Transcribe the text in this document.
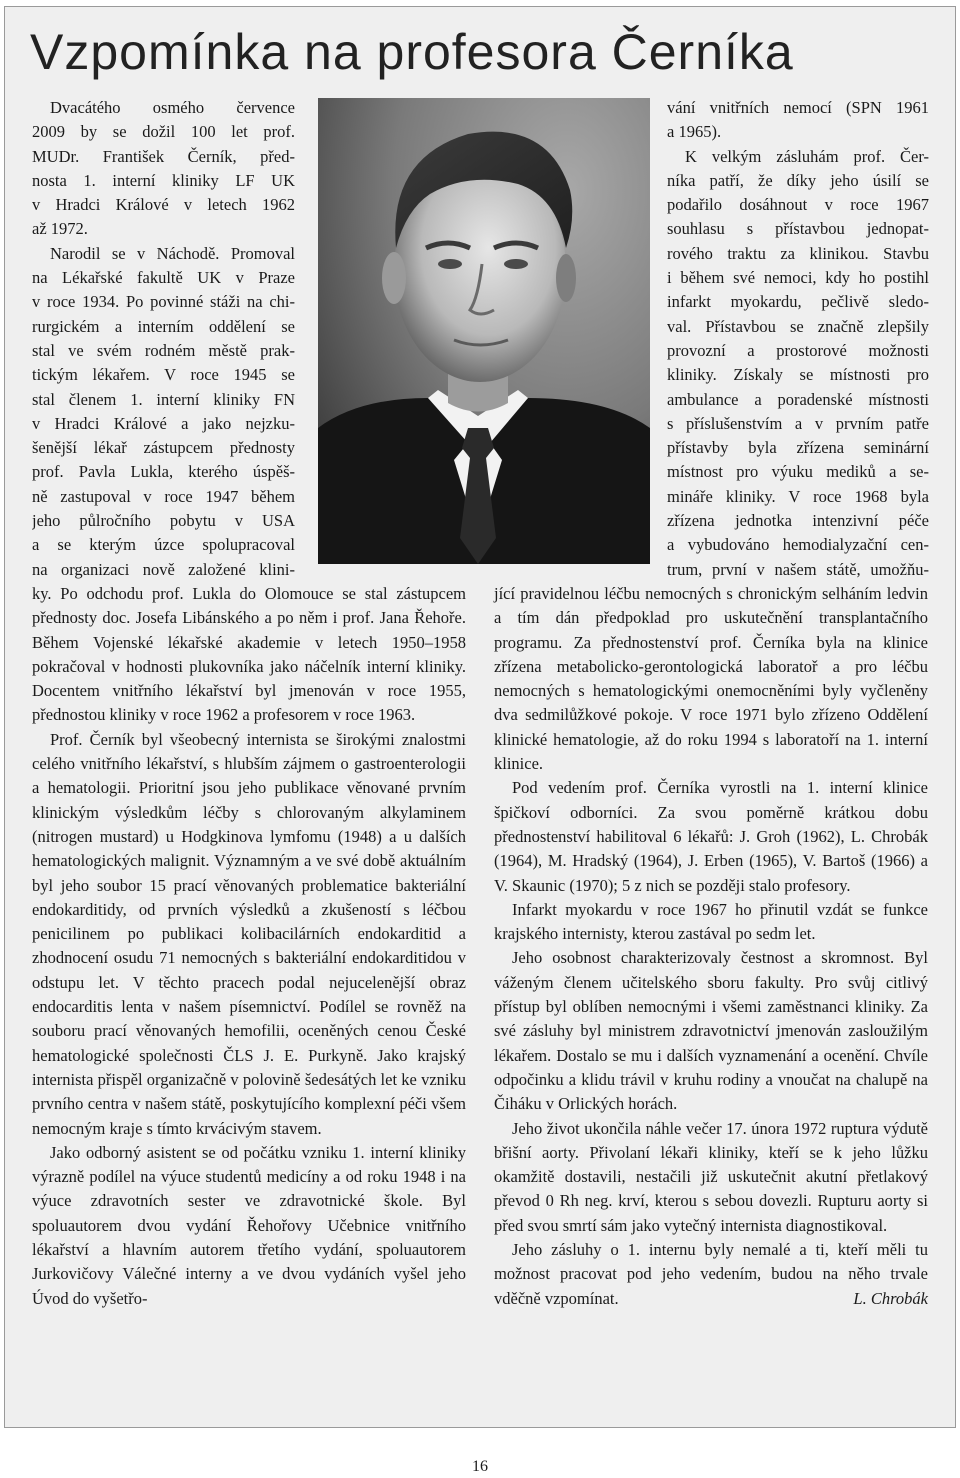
Vzpomínka na profesora Černíka
Dvacátého osmého července
2009 by se dožil 100 let prof.
MUDr. František Černík, před-
nosta 1. interní kliniky LF UK
v Hradci Králové v letech 1962
až 1972.
Narodil se v Náchodě. Promoval
na Lékařské fakultě UK v Praze
v roce 1934. Po povinné stáži na chi-
rurgickém a interním oddělení se
stal ve svém rodném městě prak-
tickým lékařem. V roce 1945 se
stal členem 1. interní kliniky FN
v Hradci Králové a jako nejzku-
šenější lékař zástupcem přednosty
prof. Pavla Lukla, kterého úspěš-
ně zastupoval v roce 1947 během
jeho půlročního pobytu v USA
a se kterým úzce spolupracoval
na organizaci nově založené klini-
vání vnitřních nemocí (SPN 1961
a 1965).
K velkým zásluhám prof. Čer-
níka patří, že díky jeho úsilí se
podařilo dosáhnout v roce 1967
souhlasu s přístavbou jednopat-
rového traktu za klinikou. Stavbu
i během své nemoci, kdy ho postihl
infarkt myokardu, pečlivě sledo-
val. Přístavbou se značně zlepšily
provozní a prostorové možnosti
kliniky. Získaly se místnosti pro
ambulance a poradenské místnosti
s příslušenstvím a v prvním patře
přístavby byla zřízena seminární
místnost pro výuku mediků a se-
mináře kliniky. V roce 1968 byla
zřízena jednotka intenzivní péče
a vybudováno hemodialyzační cen-
trum, první v našem státě, umožňu-

ky. Po odchodu prof. Lukla do Olomouce se stal zástupcem přednosty doc. Josefa Libánského a po něm i prof. Jana Řehoře. Během Vojenské lékařské akademie v letech 1950–1958 pokračoval v hodnosti plukovníka jako náčelník interní kliniky. Docentem vnitřního lékařství byl jmenován v roce 1955, přednostou kliniky v roce 1962 a profesorem v roce 1963.

Prof. Černík byl všeobecný internista se širokými znalostmi celého vnitřního lékařství, s hlubším zájmem o gastroenterologii a hematologii. Prioritní jsou jeho publikace věnované prvním klinickým výsledkům léčby s chlorovaným alkylaminem (nitrogen mustard) u Hodgkinova lymfomu (1948) a u dalších hematologických malignit. Významným a ve své době aktuálním byl jeho soubor 15 prací věnovaných problematice bakteriální endokarditidy, od prvních výsledků a zkušeností s léčbou penicilinem po publikaci kolibacilárních endokarditid a zhodnocení osudu 71 nemocných s bakteriální endokarditidou v odstupu let. V těchto pracech podal nejucelenější obraz endocarditis lenta v našem písemnictví. Podílel se rovněž na souboru prací věnovaných hemofilii, oceněných cenou České hematologické společnosti ČLS J. E. Purkyně. Jako krajský internista přispěl organizačně v polovině šedesátých let ke vzniku prvního centra v našem státě, poskytujícího komplexní péči všem nemocným kraje s tímto krvácivým stavem.

Jako odborný asistent se od počátku vzniku 1. interní kliniky výrazně podílel na výuce studentů medicíny a od roku 1948 i na výuce zdravotních sester ve zdravotnické škole. Byl spoluautorem dvou vydání Řehořovy Učebnice vnitřního lékařství a hlavním autorem třetího vydání, spoluautorem Jurkovičovy Válečné interny a ve dvou vydáních vyšel jeho Úvod do vyšetřo-

jící pravidelnou léčbu nemocných s chronickým selháním ledvin a tím dán předpoklad pro uskutečnění transplantačního programu. Za přednostenství prof. Černíka byla na klinice zřízena metabolicko-gerontologická laboratoř a pro léčbu nemocných s hematologickými onemocněními byly vyčleněny dva sedmilůžkové pokoje. V roce 1971 bylo zřízeno Oddělení klinické hematologie, až do roku 1994 s laboratoří na 1. interní klinice.

Pod vedením prof. Černíka vyrostli na 1. interní klinice špičkoví odborníci. Za svou poměrně krátkou dobu přednostenství habilitoval 6 lékařů: J. Groh (1962), L. Chrobák (1964), M. Hradský (1964), J. Erben (1965), V. Bartoš (1966) a V. Skaunic (1970); 5 z nich se později stalo profesory.

Infarkt myokardu v roce 1967 ho přinutil vzdát se funkce krajského internisty, kterou zastával po sedm let.

Jeho osobnost charakterizovaly čestnost a skromnost. Byl váženým členem učitelského sboru fakulty. Pro svůj citlivý přístup byl oblíben nemocnými i všemi zaměstnanci kliniky. Za své zásluhy byl ministrem zdravotnictví jmenován zasloužilým lékařem. Dostalo se mu i dalších vyznamenání a ocenění. Chvíle odpočinku a klidu trávil v kruhu rodiny a vnoučat na chalupě na Čiháku v Orlických horách.

Jeho život ukončila náhle večer 17. února 1972 ruptura výdutě břišní aorty. Přivolaní lékaři kliniky, kteří se k jeho lůžku okamžitě dostavili, nestačili již uskutečnit akutní přetlakový převod 0 Rh neg. krví, kterou s sebou dovezli. Rupturu aorty si před svou smrtí sám jako vytečný internista diagnostikoval.

Jeho zásluhy o 1. internu byly nemalé a ti, kteří měli tu možnost pracovat pod jeho vedením, budou na něho trvale vděčně vzpomínat.	L. Chrobák

16
